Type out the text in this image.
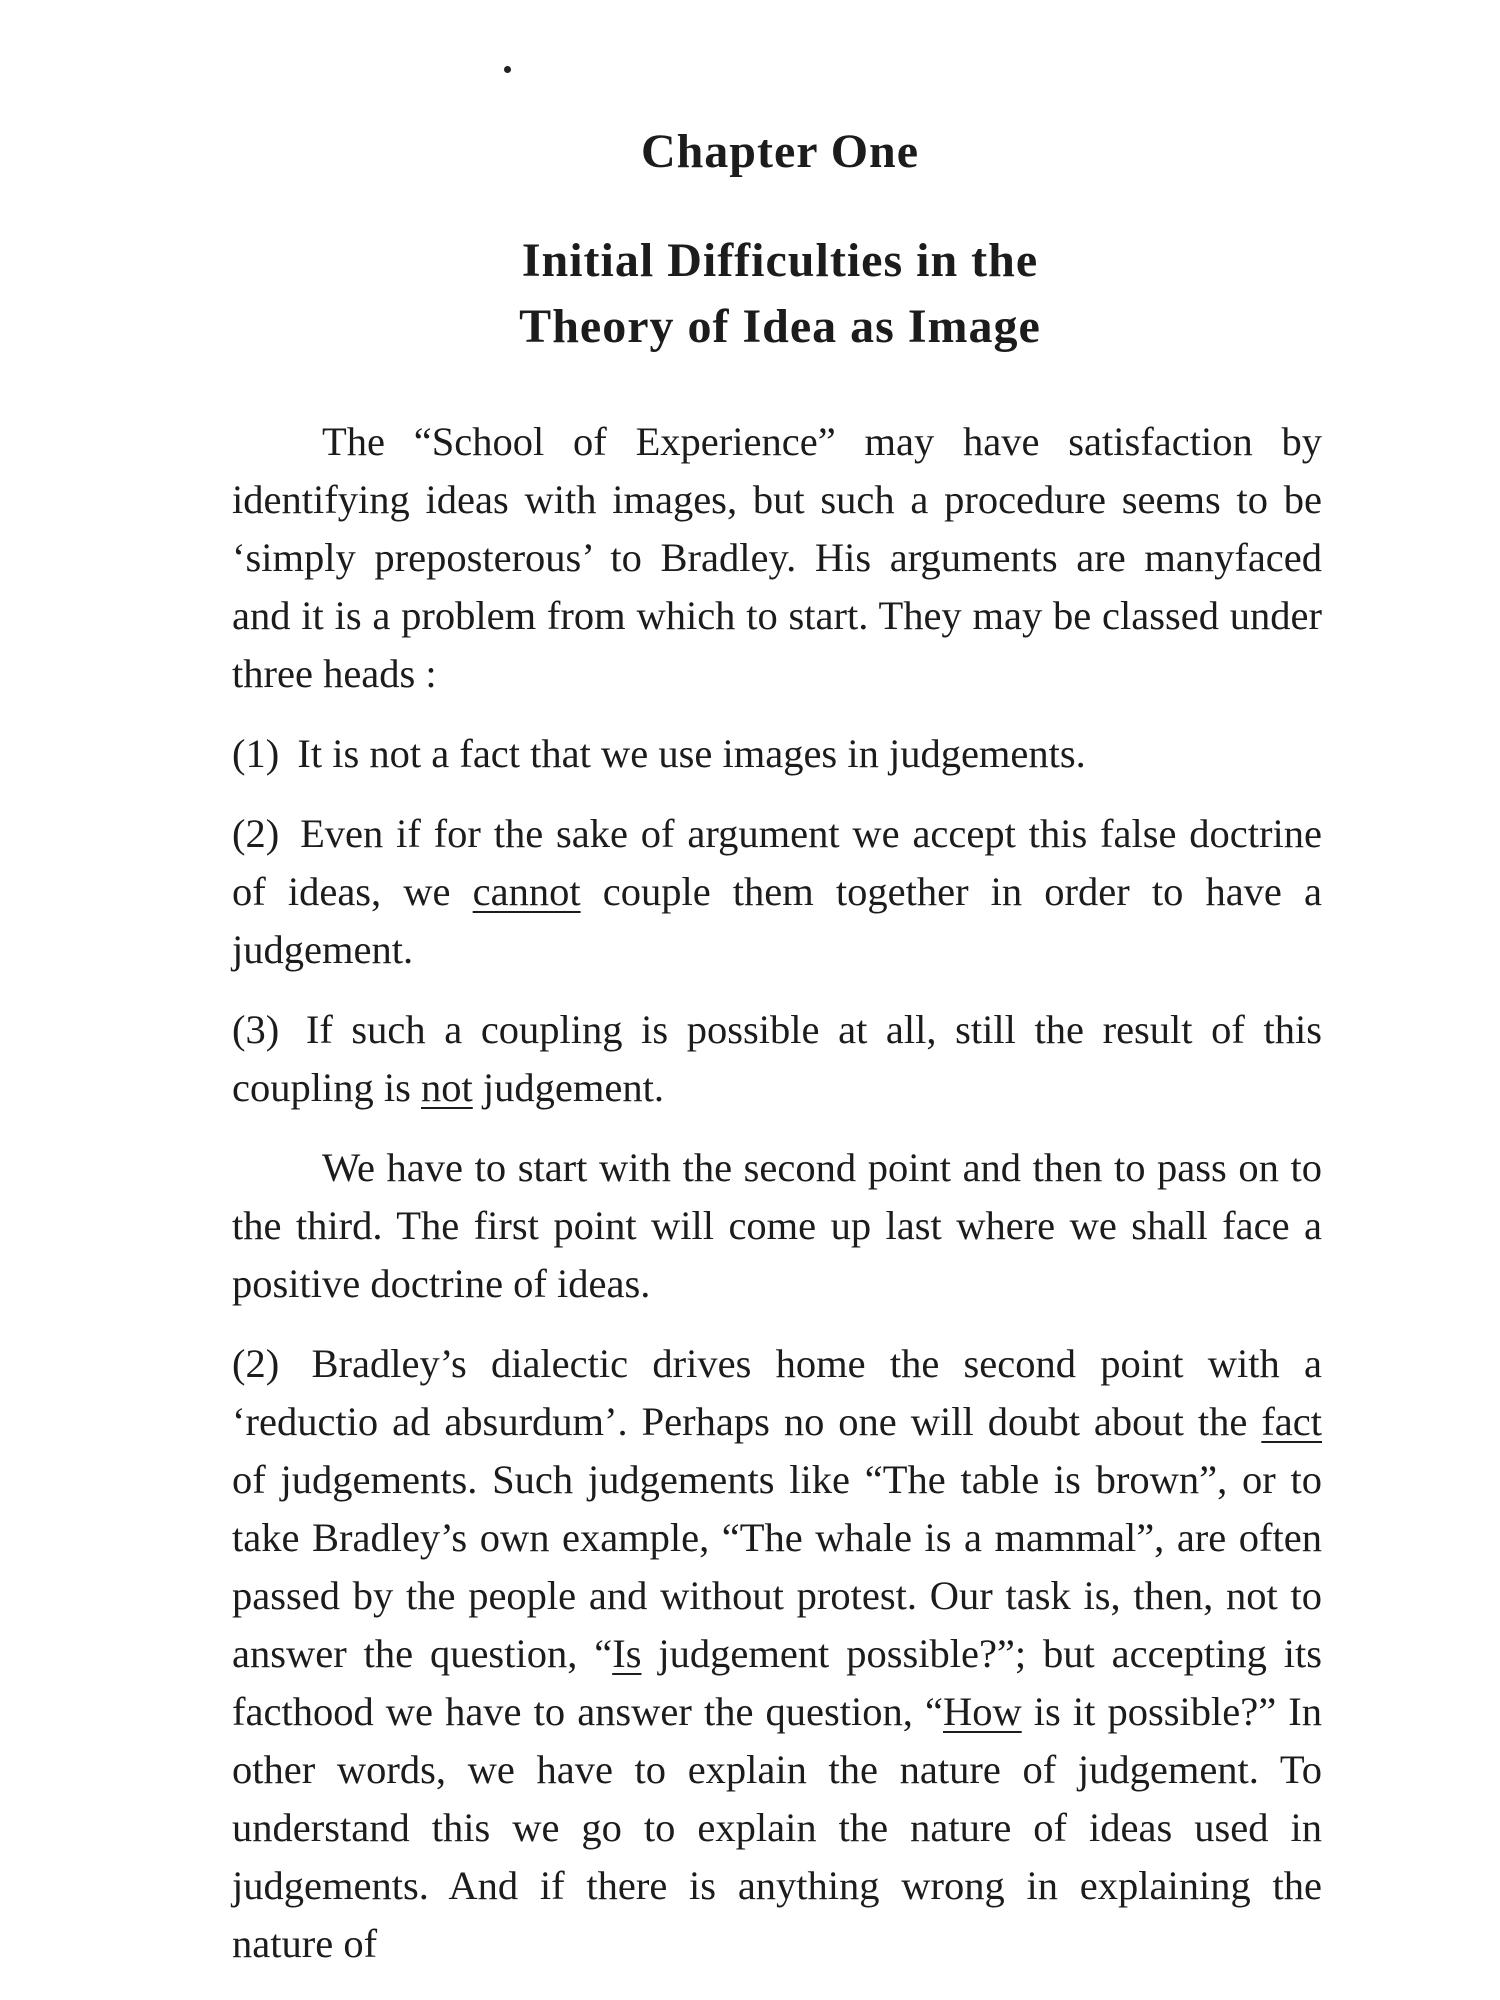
Chapter One
Initial Difficulties in the
Theory of Idea as Image

The “School of Experience” may have satisfaction by identifying ideas with images, but such a procedure seems to be ‘simply preposterous’ to Bradley. His arguments are manyfaced and it is a problem from which to start. They may be classed under three heads :

(1) It is not a fact that we use images in judgements.

(2) Even if for the sake of argument we accept this false doctrine of ideas, we cannot couple them together in order to have a judgement.

(3) If such a coupling is possible at all, still the result of this coupling is not judgement.

We have to start with the second point and then to pass on to the third. The first point will come up last where we shall face a positive doctrine of ideas.

(2) Bradley’s dialectic drives home the second point with a ‘reductio ad absurdum’. Perhaps no one will doubt about the fact of judgements. Such judgements like “The table is brown”, or to take Bradley’s own example, “The whale is a mammal”, are often passed by the people and without protest. Our task is, then, not to answer the question, “Is judgement possible?”; but accepting its facthood we have to answer the question, “How is it possible?” In other words, we have to explain the nature of judgement. To understand this we go to explain the nature of ideas used in judgements. And if there is anything wrong in explaining the nature of
